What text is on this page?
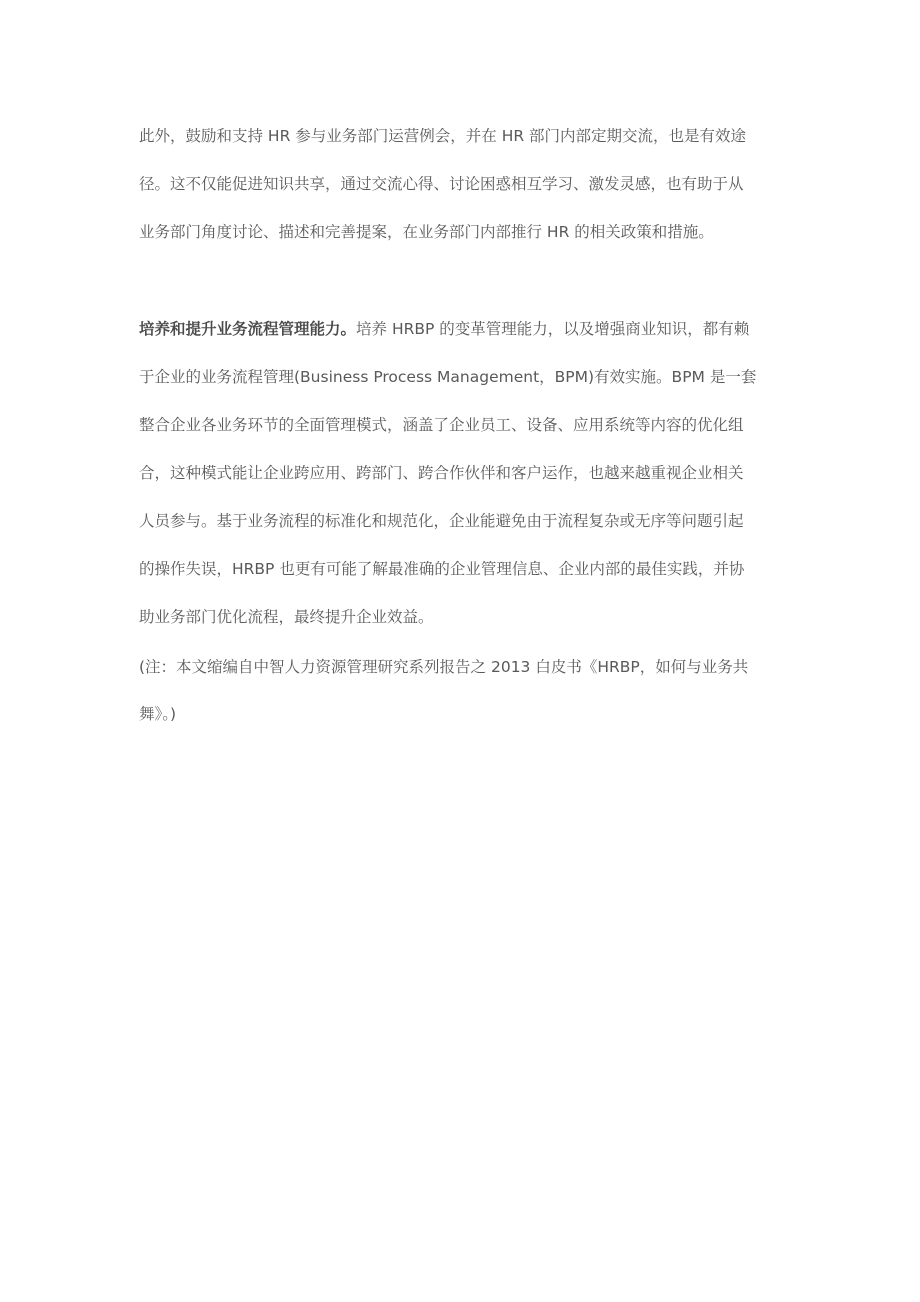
此外，鼓励和支持 HR 参与业务部门运营例会，并在 HR 部门内部定期交流，也是有效途
径。这不仅能促进知识共享，通过交流心得、讨论困惑相互学习、激发灵感，也有助于从
业务部门角度讨论、描述和完善提案，在业务部门内部推行 HR 的相关政策和措施。
培养和提升业务流程管理能力。培养 HRBP 的变革管理能力，以及增强商业知识，都有赖
于企业的业务流程管理(Business Process Management，BPM)有效实施。BPM 是一套
整合企业各业务环节的全面管理模式，涵盖了企业员工、设备、应用系统等内容的优化组
合，这种模式能让企业跨应用、跨部门、跨合作伙伴和客户运作，也越来越重视企业相关
人员参与。基于业务流程的标准化和规范化，企业能避免由于流程复杂或无序等问题引起
的操作失误，HRBP 也更有可能了解最准确的企业管理信息、企业内部的最佳实践，并协
助业务部门优化流程，最终提升企业效益。
(注：本文缩编自中智人力资源管理研究系列报告之 2013 白皮书《HRBP，如何与业务共
舞》。)
